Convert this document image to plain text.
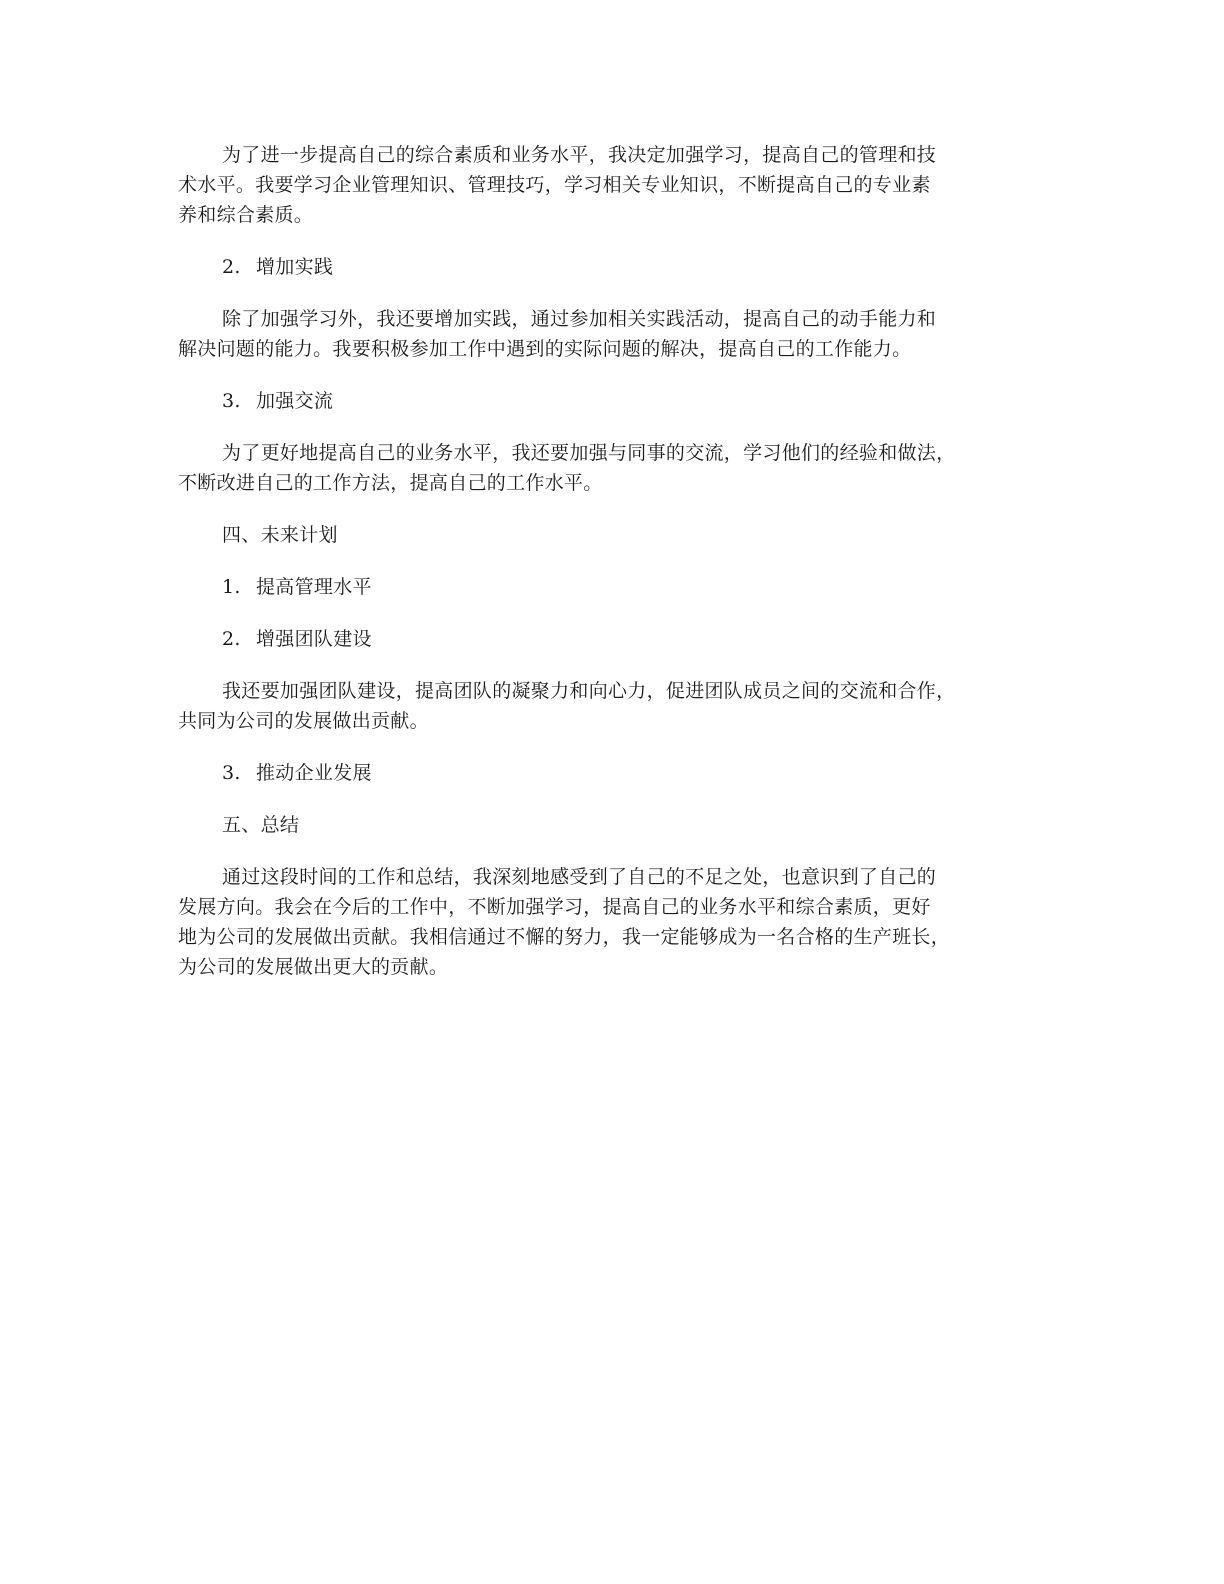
为了进一步提高自己的综合素质和业务水平，我决定加强学习，提高自己的管理和技
术水平。我要学习企业管理知识、管理技巧，学习相关专业知识，不断提高自己的专业素
养和综合素质。

2. 增加实践

除了加强学习外，我还要增加实践，通过参加相关实践活动，提高自己的动手能力和
解决问题的能力。我要积极参加工作中遇到的实际问题的解决，提高自己的工作能力。

3. 加强交流

为了更好地提高自己的业务水平，我还要加强与同事的交流，学习他们的经验和做法，
不断改进自己的工作方法，提高自己的工作水平。

四、未来计划

1. 提高管理水平

2. 增强团队建设

我还要加强团队建设，提高团队的凝聚力和向心力，促进团队成员之间的交流和合作，
共同为公司的发展做出贡献。

3. 推动企业发展

五、总结

通过这段时间的工作和总结，我深刻地感受到了自己的不足之处，也意识到了自己的
发展方向。我会在今后的工作中，不断加强学习，提高自己的业务水平和综合素质，更好
地为公司的发展做出贡献。我相信通过不懈的努力，我一定能够成为一名合格的生产班长，
为公司的发展做出更大的贡献。
